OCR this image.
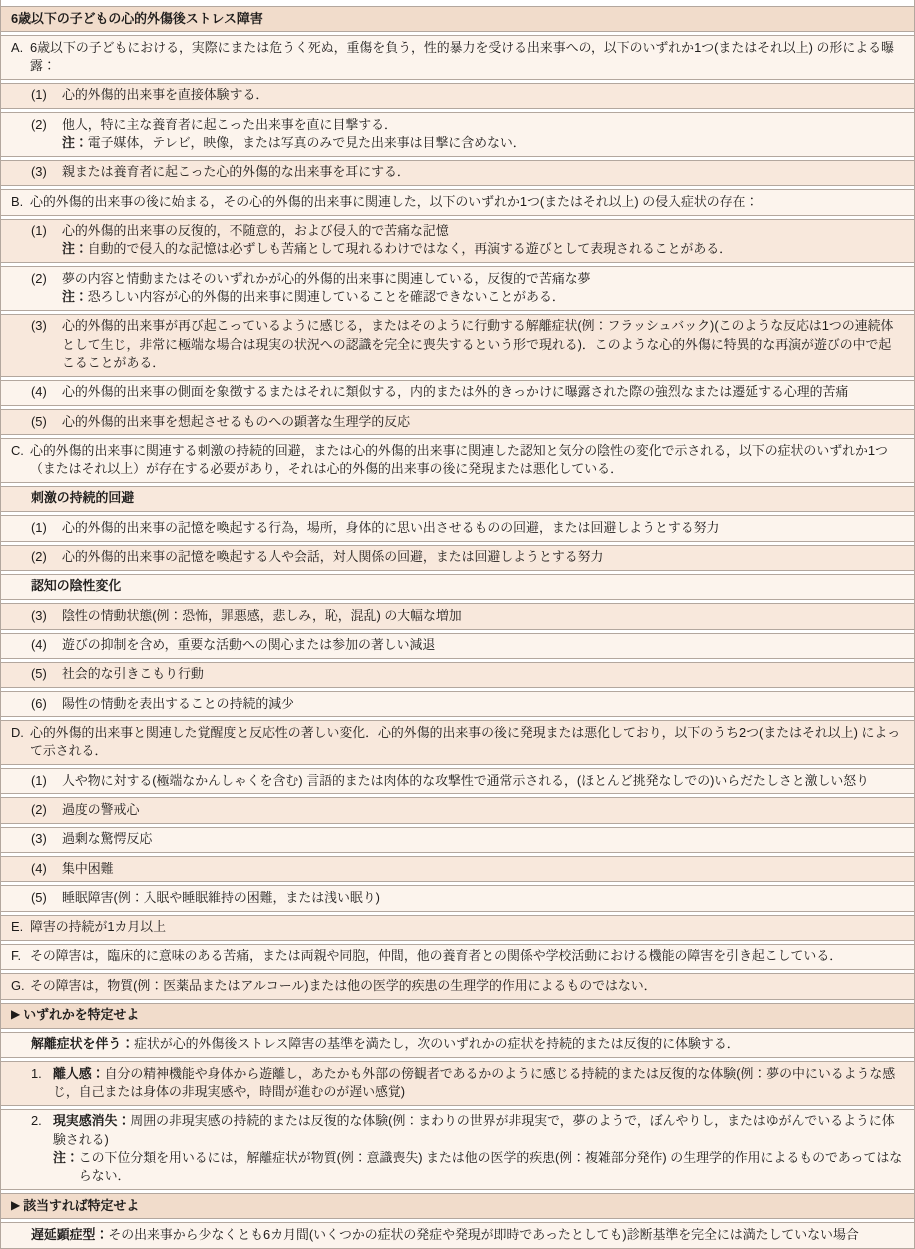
6歳以下の子どもの心的外傷後ストレス障害
A. 6歳以下の子どもにおける，実際にまたは危うく死ぬ，重傷を負う，性的暴力を受ける出来事への，以下のいずれか1つ(またはそれ以上) の形による曝露：
(1)	心的外傷的出来事を直接体験する．
(2)	他人，特に主な養育者に起こった出来事を直に目撃する．
注：電子媒体，テレビ，映像，または写真のみで見た出来事は目撃に含めない．
(3)	親または養育者に起こった心的外傷的な出来事を耳にする．
B. 心的外傷的出来事の後に始まる，その心的外傷的出来事に関連した，以下のいずれか1つ(またはそれ以上) の侵入症状の存在：
(1)	心的外傷的出来事の反復的，不随意的，および侵入的で苦痛な記憶
注：自動的で侵入的な記憶は必ずしも苦痛として現れるわけではなく，再演する遊びとして表現されることがある．
(2)	夢の内容と情動またはそのいずれかが心的外傷的出来事に関連している，反復的で苦痛な夢
注：恐ろしい内容が心的外傷的出来事に関連していることを確認できないことがある．
(3)	心的外傷的出来事が再び起こっているように感じる，またはそのように行動する解離症状(例：フラッシュバック)(このような反応は1つの連続体として生じ，非常に極端な場合は現実の状況への認識を完全に喪失するという形で現れる)．このような心的外傷に特異的な再演が遊びの中で起こることがある．
(4)	心的外傷的出来事の側面を象徴するまたはそれに類似する，内的または外的きっかけに曝露された際の強烈なまたは遷延する心理的苦痛
(5)	心的外傷的出来事を想起させるものへの顕著な生理学的反応
C. 心的外傷的出来事に関連する刺激の持続的回避，または心的外傷的出来事に関連した認知と気分の陰性の変化で示される，以下の症状のいずれか1つ（またはそれ以上）が存在する必要があり，それは心的外傷的出来事の後に発現または悪化している．
刺激の持続的回避
(1)	心的外傷的出来事の記憶を喚起する行為，場所，身体的に思い出させるものの回避，または回避しようとする努力
(2)	心的外傷的出来事の記憶を喚起する人や会話，対人関係の回避，または回避しようとする努力
認知の陰性変化
(3)	陰性の情動状態(例：恐怖，罪悪感，悲しみ，恥，混乱) の大幅な増加
(4)	遊びの抑制を含め，重要な活動への関心または参加の著しい減退
(5)	社会的な引きこもり行動
(6)	陽性の情動を表出することの持続的減少
D. 心的外傷的出来事と関連した覚醒度と反応性の著しい変化．心的外傷的出来事の後に発現または悪化しており，以下のうち2つ(またはそれ以上) によって示される．
(1)	人や物に対する(極端なかんしゃくを含む) 言語的または肉体的な攻撃性で通常示される，(ほとんど挑発なしでの)いらだたしさと激しい怒り
(2)	過度の警戒心
(3)	過剰な驚愕反応
(4)	集中困難
(5)	睡眠障害(例：入眠や睡眠維持の困難，または浅い眠り)
E. 障害の持続が1カ月以上
F. その障害は，臨床的に意味のある苦痛，または両親や同胞，仲間，他の養育者との関係や学校活動における機能の障害を引き起こしている．
G. その障害は，物質(例：医薬品またはアルコール)または他の医学的疾患の生理学的作用によるものではない．
▶ いずれかを特定せよ
解離症状を伴う：症状が心的外傷後ストレス障害の基準を満たし，次のいずれかの症状を持続的または反復的に体験する．
1. 離人感：自分の精神機能や身体から遊離し，あたかも外部の傍観者であるかのように感じる持続的または反復的な体験(例：夢の中にいるような感じ，自己または身体の非現実感や，時間が進むのが遅い感覚)
2. 現実感消失：周囲の非現実感の持続的または反復的な体験(例：まわりの世界が非現実で，夢のようで，ぼんやりし，またはゆがんでいるように体験される)
注：この下位分類を用いるには，解離症状が物質(例：意識喪失) または他の医学的疾患(例：複雑部分発作) の生理学的作用によるものであってはならない．
▶ 該当すれば特定せよ
遅延顕症型：その出来事から少なくとも6カ月間(いくつかの症状の発症や発現が即時であったとしても)診断基準を完全には満たしていない場合
